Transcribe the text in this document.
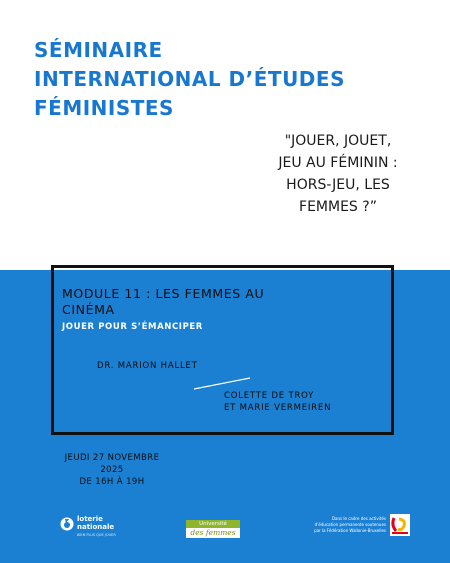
SÉMINAIRE
INTERNATIONAL D’ÉTUDES
FÉMINISTES

"JOUER, JOUET,
JEU AU FÉMININ :
HORS-JEU, LES
FEMMES ?”

MODULE 11 : LES FEMMES AU
CINÉMA

JOUER POUR S’ÉMANCIPER

DR. MARION HALLET

COLETTE DE TROY
ET MARIE VERMEIREN

JEUDI 27 NOVEMBRE
2025
DE 16H À 19H

loterie
nationale
BIEN PLUS QUE JOUER
Université
des femmes

Dans le cadre des activités
d’éducation permanente soutenues
par la Fédération Wallonie-Bruxelles
